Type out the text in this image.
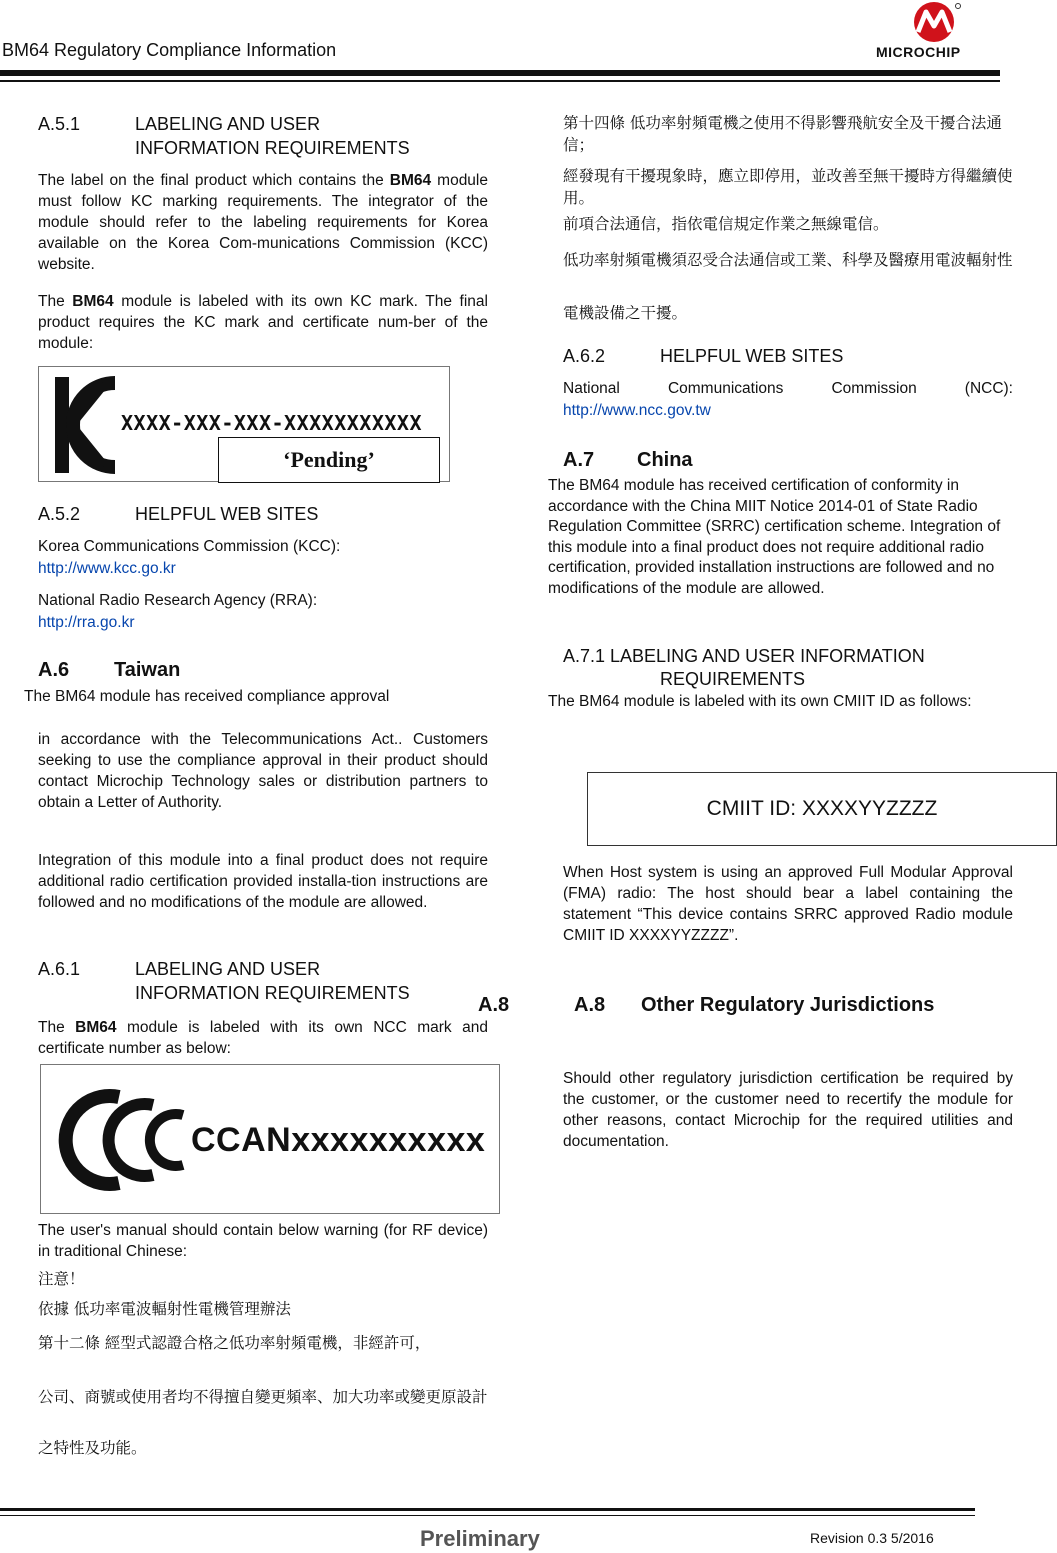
BM64 Regulatory Compliance Information	MICROCHIP
A.5.1	LABELING AND USER
INFORMATION REQUIREMENTS
The label on the final product which contains the BM64 module must follow KC marking requirements. The integrator of the module should refer to the labeling requirements for Korea available on the Korea Com-munications Commission (KCC) website.
The BM64 module is labeled with its own KC mark. The final product requires the KC mark and certificate num-ber of the module:
XXXX-XXX-XXX-XXXXXXXXXXX
‘Pending’
A.5.2	HELPFUL WEB SITES
Korea Communications Commission (KCC):
http://www.kcc.go.kr
National Radio Research Agency (RRA):
http://rra.go.kr
A.6 Taiwan
The BM64 module has received compliance approval
in accordance with the Telecommunications Act.. Customers seeking to use the compliance approval in their product should contact Microchip Technology sales or distribution partners to obtain a Letter of Authority.
Integration of this module into a final product does not require additional radio certification provided installa-tion instructions are followed and no modifications of the module are allowed.
A.6.1	LABELING AND USER
INFORMATION REQUIREMENTS
The BM64 module is labeled with its own NCC mark and certificate number as below:
CCANxxxxxxxxxx
The user's manual should contain below warning (for RF device) in traditional Chinese:
注意！
依據 低功率電波輻射性電機管理辦法
第十二條 經型式認證合格之低功率射頻電機，非經許可，
公司、商號或使用者均不得擅自變更頻率、加大功率或變更原設計
之特性及功能。
第十四條 低功率射頻電機之使用不得影響飛航安全及干擾合法通信；
經發現有干擾現象時，應立即停用，並改善至無干擾時方得繼續使用。
前項合法通信，指依電信規定作業之無線電信。
低功率射頻電機須忍受合法通信或工業、科學及醫療用電波輻射性
電機設備之干擾。
A.6.2	HELPFUL WEB SITES
National Communications Commission (NCC):
http://www.ncc.gov.tw
A.7 China
The BM64 module has received certification of conformity in accordance with the China MIIT Notice 2014-01 of State Radio Regulation Committee (SRRC) certification scheme. Integration of this module into a final product does not require additional radio certification, provided installation instructions are followed and no modifications of the module are allowed.
A.7.1 LABELING AND USER INFORMATION
REQUIREMENTS
The BM64 module is labeled with its own CMIIT ID as follows:
CMIIT ID: XXXXYYZZZZ
When Host system is using an approved Full Modular Approval (FMA) radio: The host should bear a label containing the statement “This device contains SRRC approved Radio module CMIIT ID XXXXYYZZZZ”.
A.8	A.8 Other Regulatory Jurisdictions
Should other regulatory jurisdiction certification be required by the customer, or the customer need to recertify the module for other reasons, contact Microchip for the required utilities and documentation.
Preliminary	Revision 0.3 5/2016
